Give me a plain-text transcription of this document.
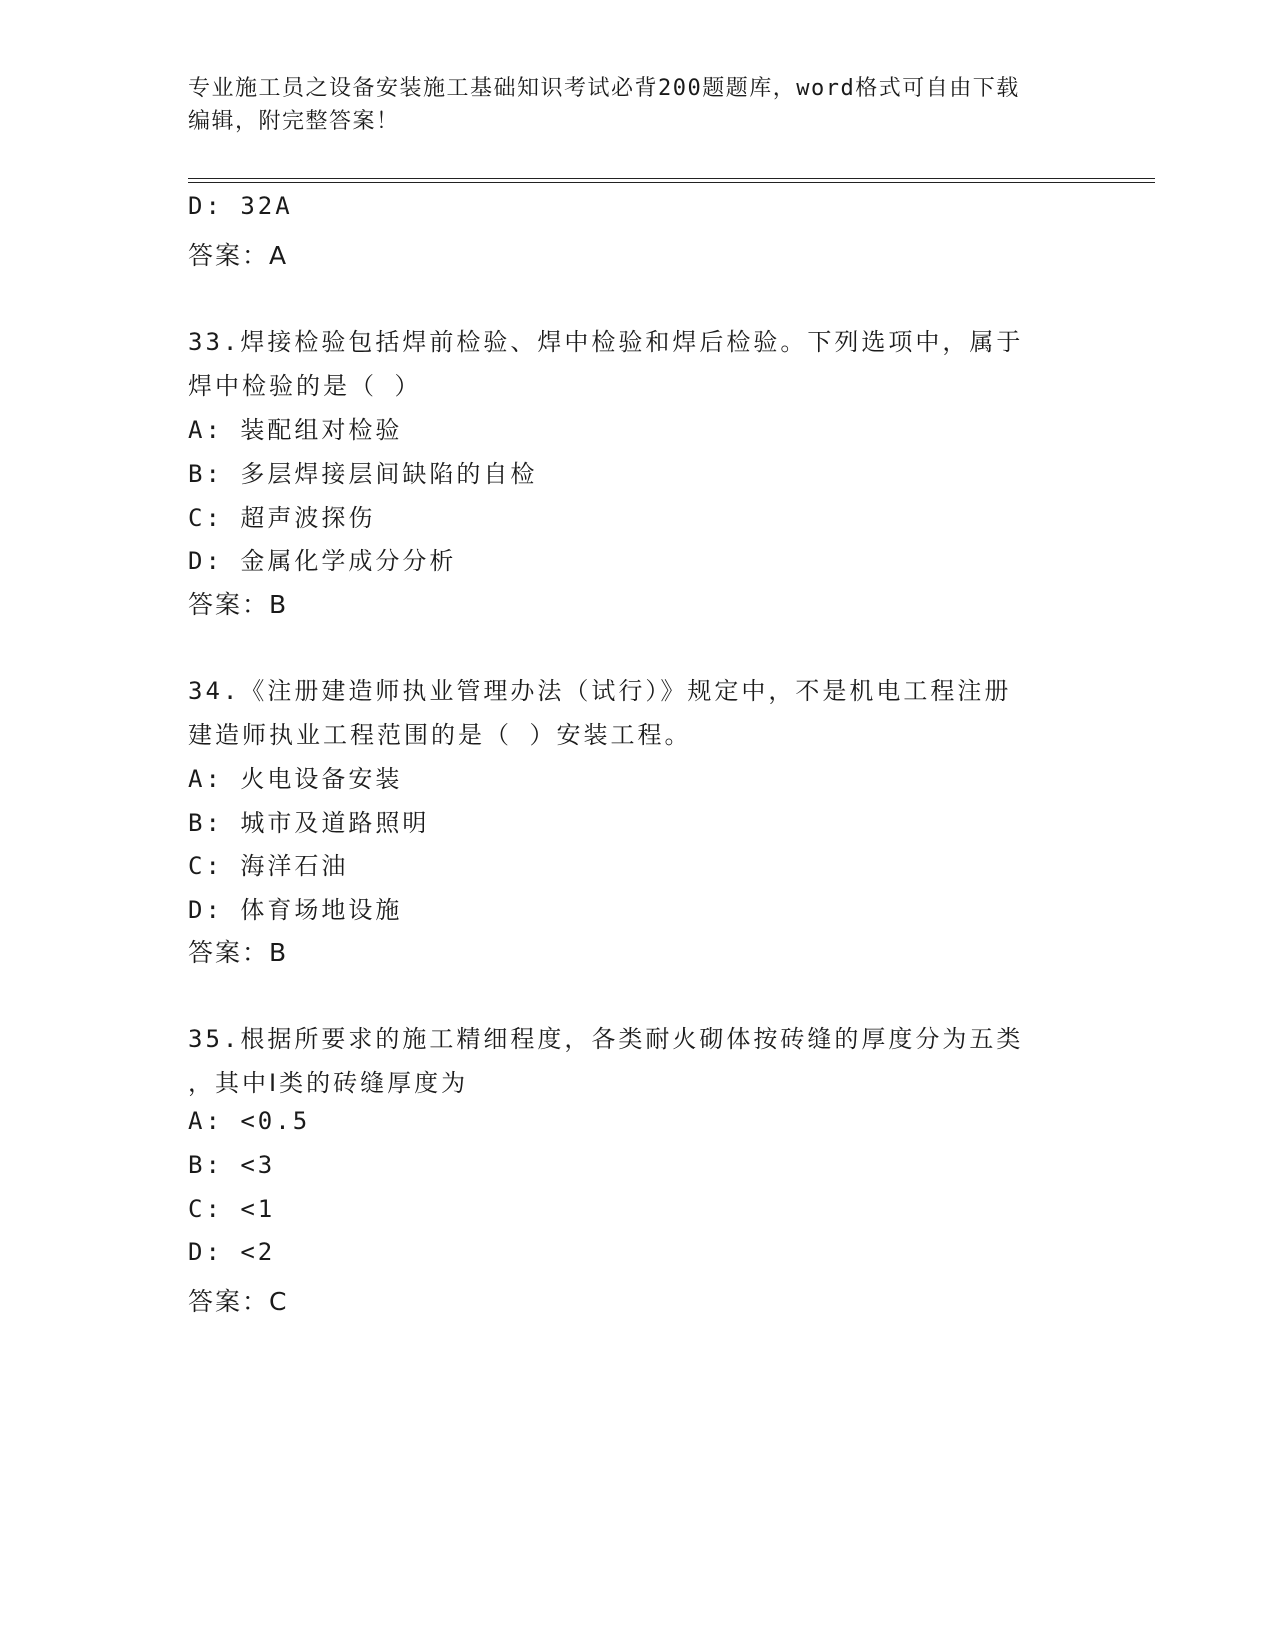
专业施工员之设备安装施工基础知识考试必背200题题库，word格式可自由下载
编辑，附完整答案！
D: 32A
答案：A
33.焊接检验包括焊前检验、焊中检验和焊后检验。下列选项中，属于
焊中检验的是（ ）
A: 装配组对检验
B: 多层焊接层间缺陷的自检
C: 超声波探伤
D: 金属化学成分分析
答案：B
34.《注册建造师执业管理办法（试行）》规定中，不是机电工程注册
建造师执业工程范围的是（ ）安装工程。
A: 火电设备安装
B: 城市及道路照明
C: 海洋石油
D: 体育场地设施
答案：B
35.根据所要求的施工精细程度，各类耐火砌体按砖缝的厚度分为五类
，其中Ⅰ类的砖缝厚度为
A: <0.5
B: <3
C: <1
D: <2
答案：C
